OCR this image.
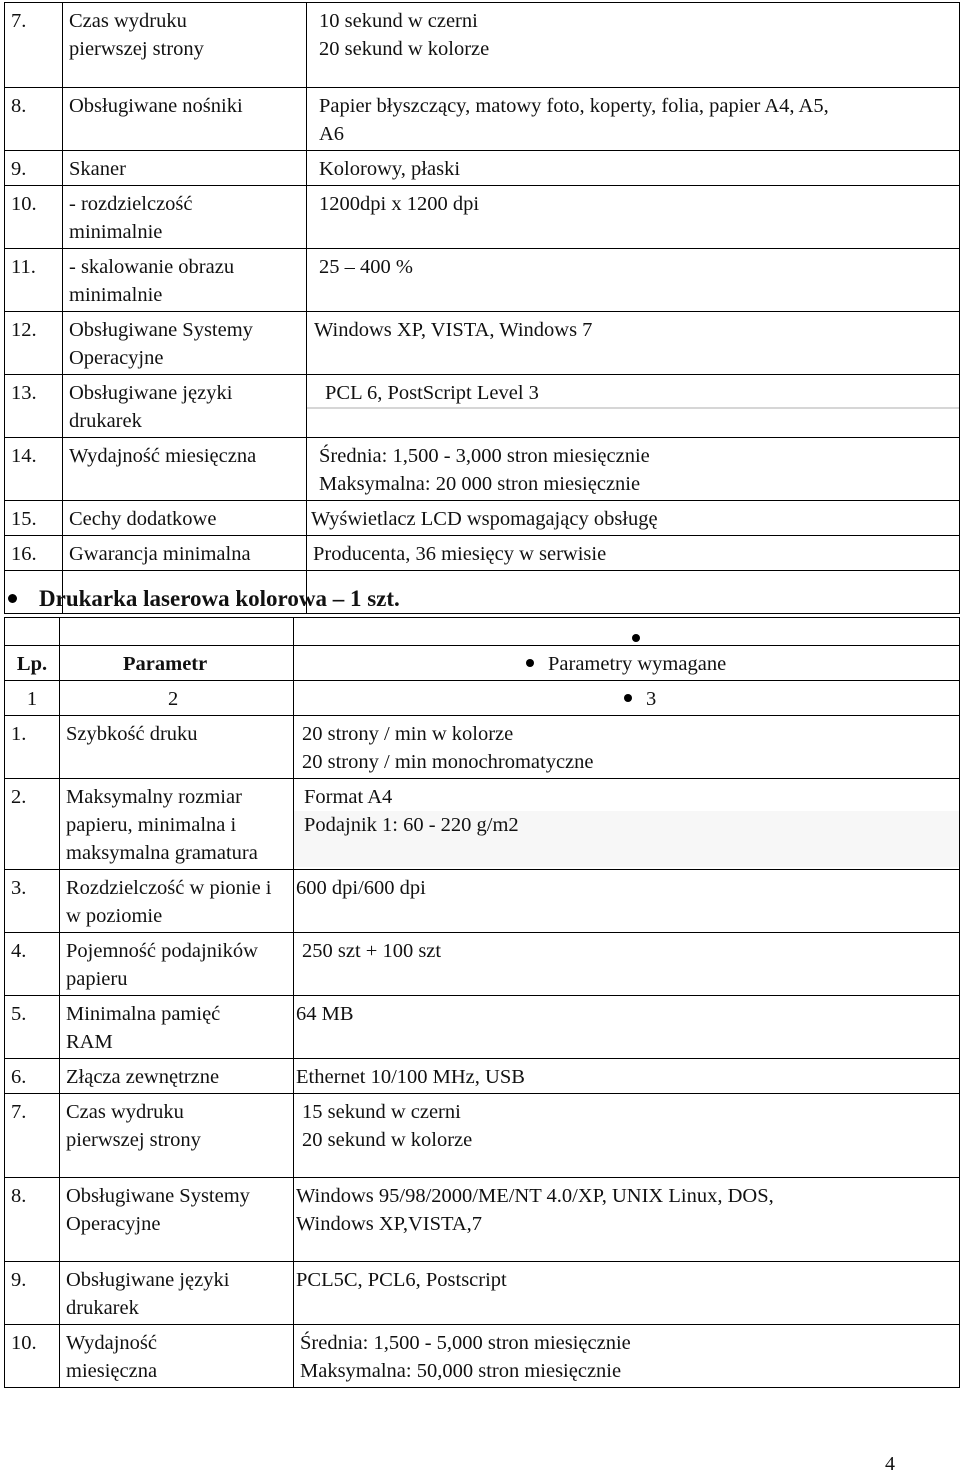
7.	Czas wydruku pierwszej strony	10 sekund w czerni
20 sekund w kolorze

8.	Obsługiwane nośniki	Papier błyszczący, matowy foto, koperty, folia, papier A4, A5,
A6

9.	Skaner	Kolorowy, płaski

10.	- rozdzielczość minimalnie	1200dpi x 1200 dpi

11.	- skalowanie obrazu minimalnie	25 – 400 %

12.	Obsługiwane Systemy Operacyjne	Windows XP, VISTA, Windows 7

13.	Obsługiwane języki drukarek	PCL 6, PostScript Level 3

14.	Wydajność miesięczna	Średnia: 1,500 - 3,000 stron miesięcznie
Maksymalna: 20 000 stron miesięcznie

15.	Cechy dodatkowe	Wyświetlacz LCD wspomagający obsługę

16.	Gwarancja minimalna	Producenta, 36 miesięcy w serwisie

Drukarka laserowa kolorowa – 1 szt.

Lp.	Parametr	Parametry wymagane
1	2	3
1.	Szybkość druku	20 strony / min w kolorze
20 strony / min monochromatyczne

2.	Maksymalny rozmiar papieru, minimalna i maksymalna gramatura	Format A4
Podajnik 1: 60 - 220 g/m2

3.	Rozdzielczość w pionie i w poziomie	600 dpi/600 dpi

4.	Pojemność podajników papieru	250 szt + 100 szt

5.	Minimalna pamięć RAM	64 MB

6.	Złącza zewnętrzne	Ethernet 10/100 MHz, USB

7.	Czas wydruku pierwszej strony	15 sekund w czerni
20 sekund w kolorze

8.	Obsługiwane Systemy Operacyjne	Windows 95/98/2000/ME/NT 4.0/XP, UNIX Linux, DOS,
Windows XP,VISTA,7

9.	Obsługiwane języki drukarek	PCL5C, PCL6, Postscript

10.	Wydajność miesięczna	Średnia: 1,500 - 5,000 stron miesięcznie
Maksymalna: 50,000 stron miesięcznie
4
